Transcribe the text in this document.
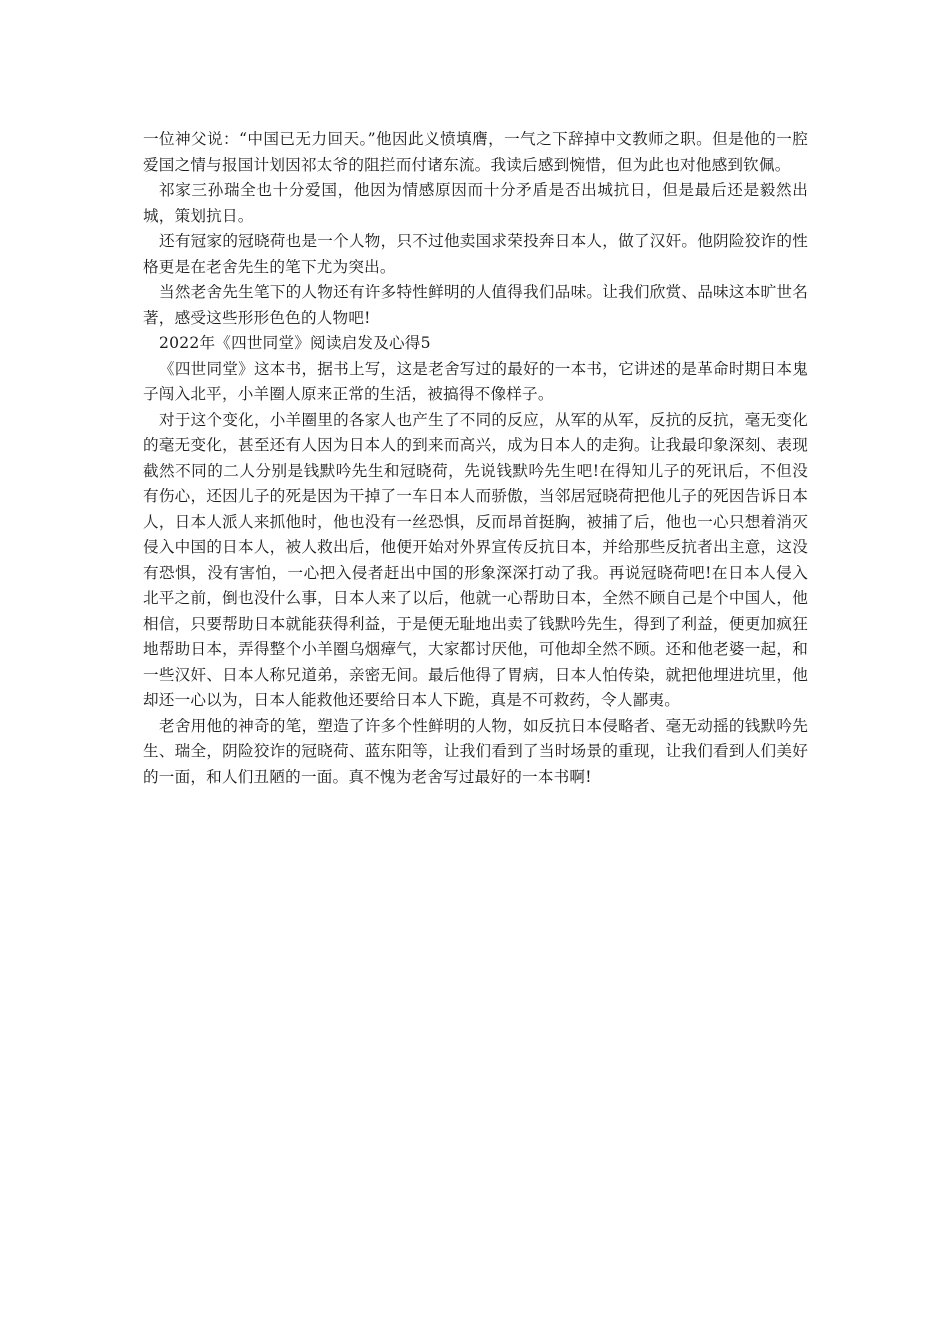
一位神父说：“中国已无力回天。”他因此义愤填膺，一气之下辞掉中文教师之职。但是他的一腔爱国之情与报国计划因祁太爷的阻拦而付诸东流。我读后感到惋惜，但为此也对他感到钦佩。

祁家三孙瑞全也十分爱国，他因为情感原因而十分矛盾是否出城抗日，但是最后还是毅然出城，策划抗日。

还有冠家的冠晓荷也是一个人物，只不过他卖国求荣投奔日本人，做了汉奸。他阴险狡诈的性格更是在老舍先生的笔下尤为突出。

当然老舍先生笔下的人物还有许多特性鲜明的人值得我们品味。让我们欣赏、品味这本旷世名著，感受这些形形色色的人物吧!

2022年《四世同堂》阅读启发及心得5

《四世同堂》这本书，据书上写，这是老舍写过的最好的一本书，它讲述的是革命时期日本鬼子闯入北平，小羊圈人原来正常的生活，被搞得不像样子。

对于这个变化，小羊圈里的各家人也产生了不同的反应，从军的从军，反抗的反抗，毫无变化的毫无变化，甚至还有人因为日本人的到来而高兴，成为日本人的走狗。让我最印象深刻、表现截然不同的二人分别是钱默吟先生和冠晓荷，先说钱默吟先生吧!在得知儿子的死讯后，不但没有伤心，还因儿子的死是因为干掉了一车日本人而骄傲，当邻居冠晓荷把他儿子的死因告诉日本人，日本人派人来抓他时，他也没有一丝恐惧，反而昂首挺胸，被捕了后，他也一心只想着消灭侵入中国的日本人，被人救出后，他便开始对外界宣传反抗日本，并给那些反抗者出主意，这没有恐惧，没有害怕，一心把入侵者赶出中国的形象深深打动了我。再说冠晓荷吧!在日本人侵入北平之前，倒也没什么事，日本人来了以后，他就一心帮助日本，全然不顾自己是个中国人，他相信，只要帮助日本就能获得利益，于是便无耻地出卖了钱默吟先生，得到了利益，便更加疯狂地帮助日本，弄得整个小羊圈乌烟瘴气，大家都讨厌他，可他却全然不顾。还和他老婆一起，和一些汉奸、日本人称兄道弟，亲密无间。最后他得了胃病，日本人怕传染，就把他埋进坑里，他却还一心以为，日本人能救他还要给日本人下跪，真是不可救药，令人鄙夷。

老舍用他的神奇的笔，塑造了许多个性鲜明的人物，如反抗日本侵略者、毫无动摇的钱默吟先生、瑞全，阴险狡诈的冠晓荷、蓝东阳等，让我们看到了当时场景的重现，让我们看到人们美好的一面，和人们丑陋的一面。真不愧为老舍写过最好的一本书啊!
